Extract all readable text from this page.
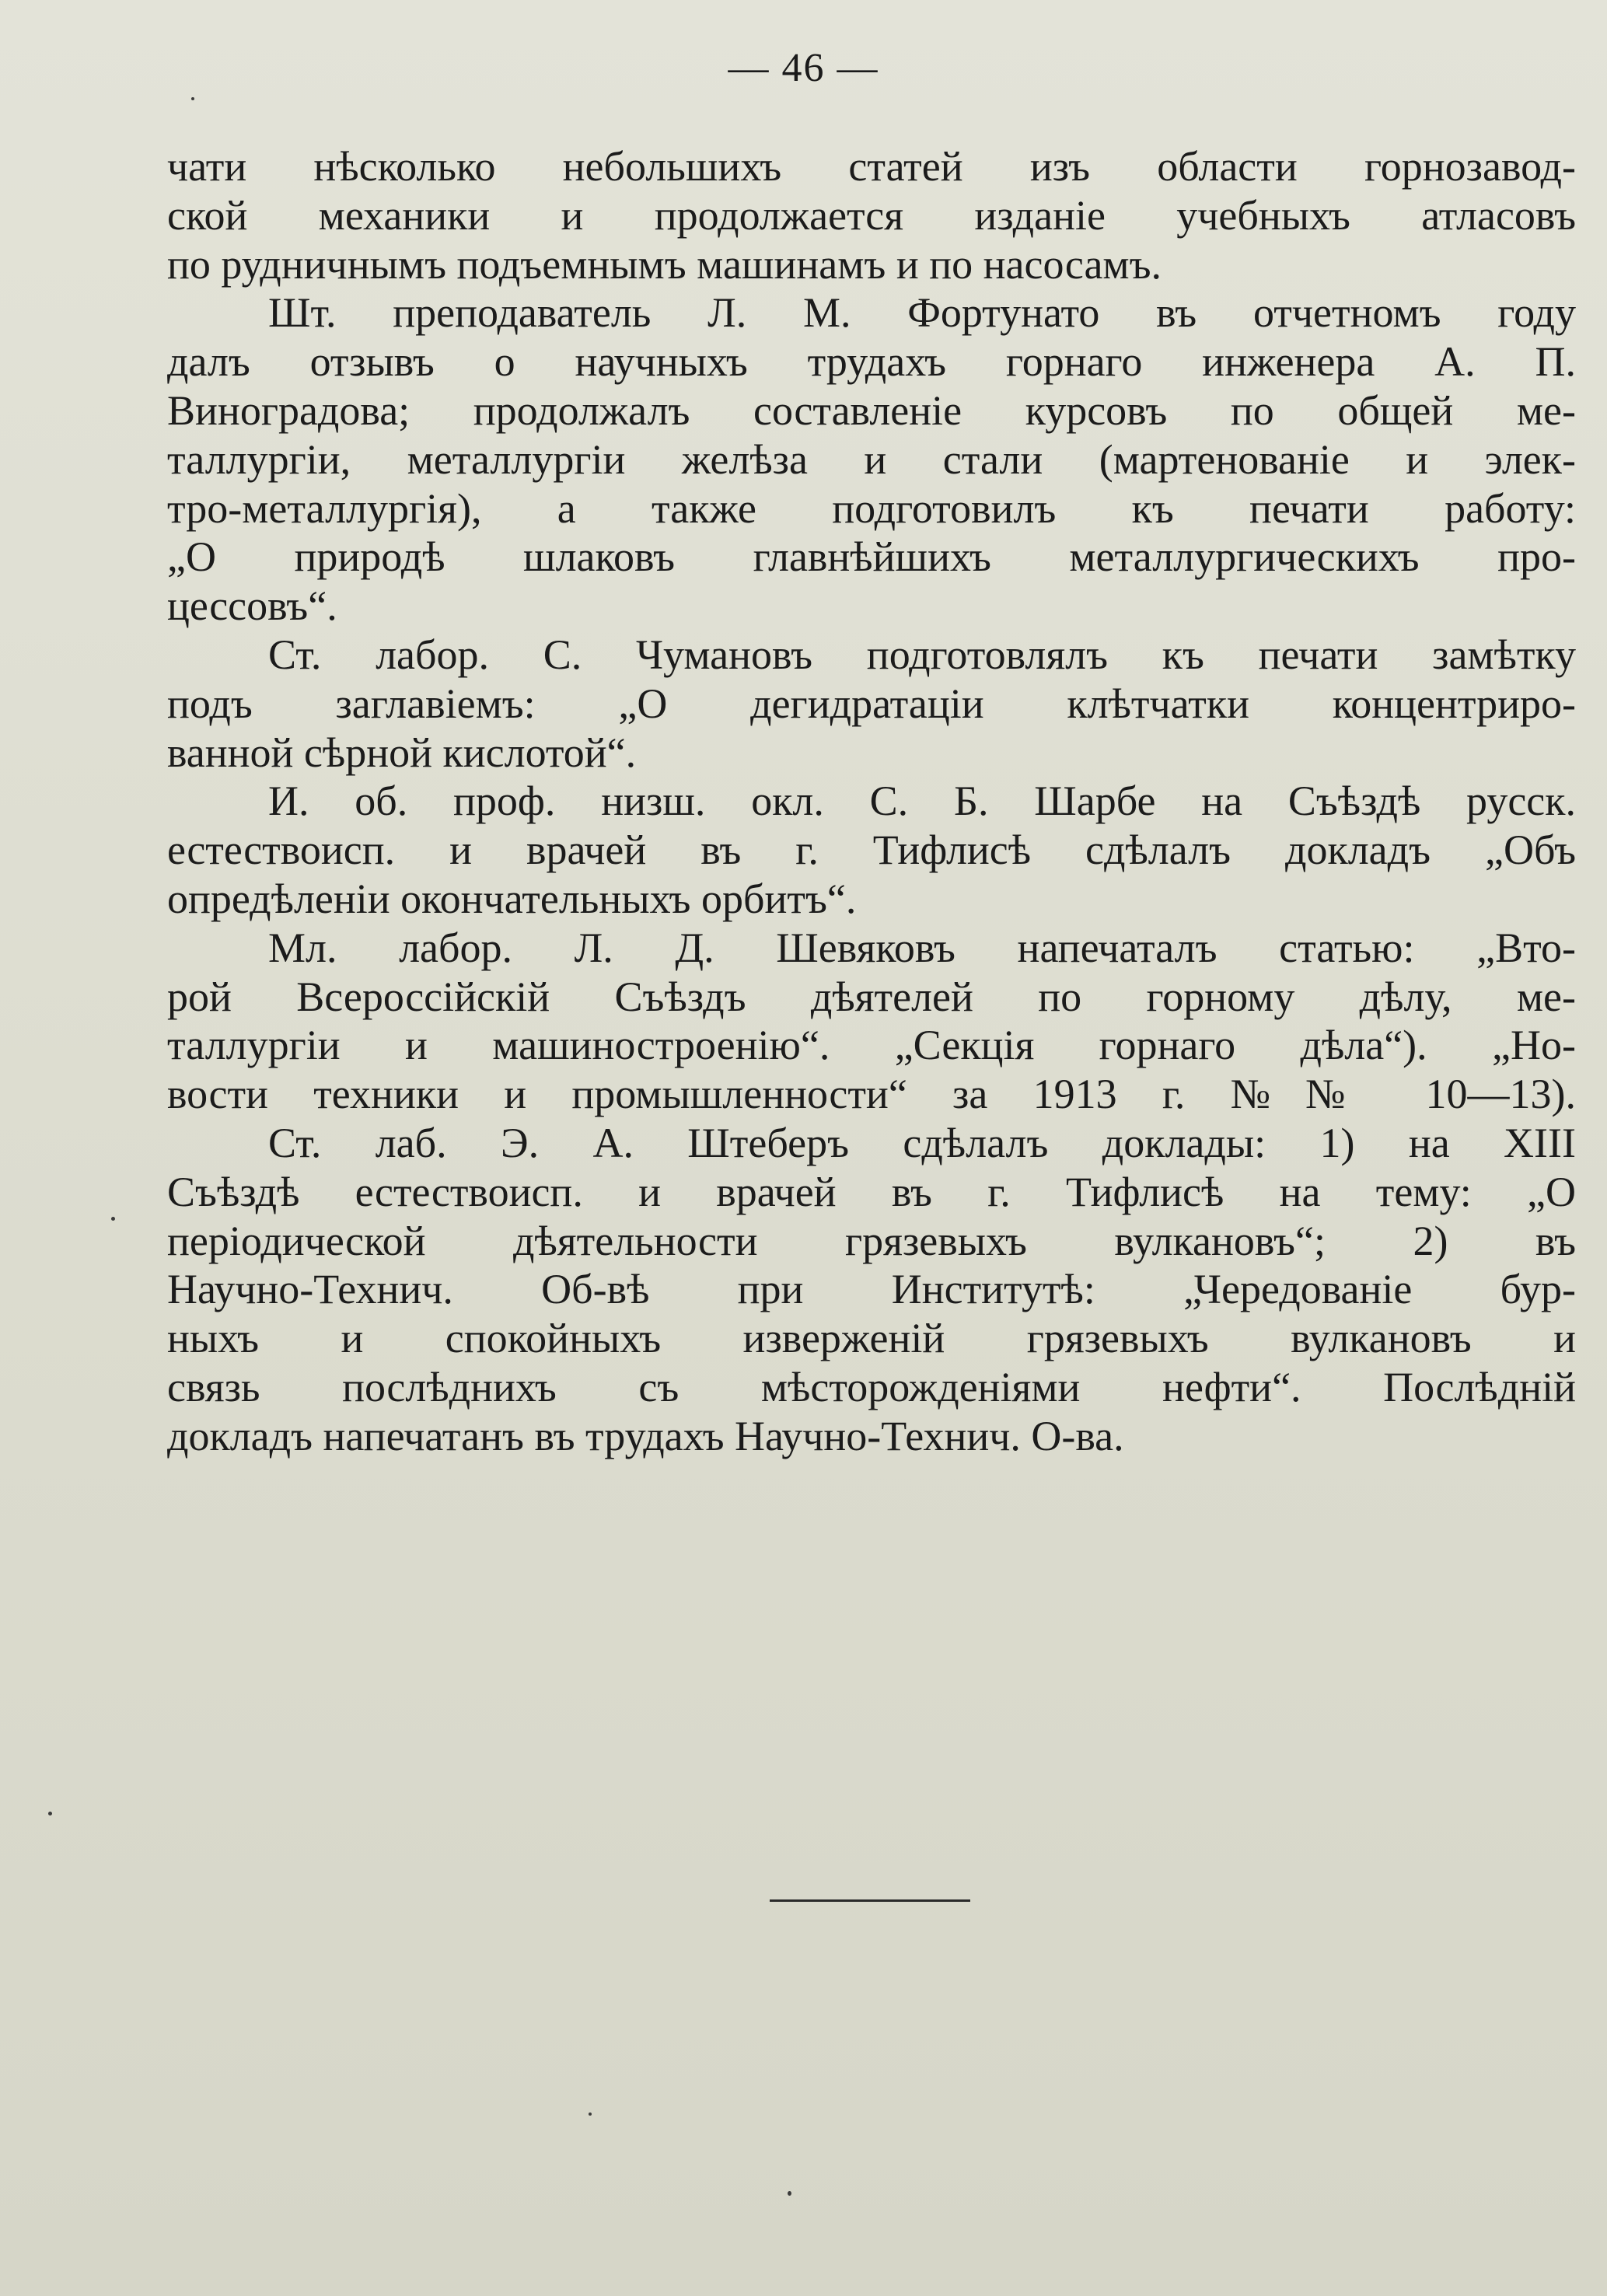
— 46 —
чати нѣсколько небольшихъ статей изъ области горнозавод-
ской механики и продолжается изданіе учебныхъ атласовъ
по рудничнымъ подъемнымъ машинамъ и по насосамъ.
Шт. преподаватель Л. М. Фортунато въ отчетномъ году
далъ отзывъ о научныхъ трудахъ горнаго инженера А. П.
Виноградова; продолжалъ составленіе курсовъ по общей ме-
таллургіи, металлургіи желѣза и стали (мартенованіе и элек-
тро-металлургія), а также подготовилъ къ печати работу:
„О природѣ шлаковъ главнѣйшихъ металлургическихъ про-
цессовъ“.
Ст. лабор. С. Чумановъ подготовлялъ къ печати замѣтку
подъ заглавіемъ: „О дегидратаціи клѣтчатки концентриро-
ванной сѣрной кислотой“.
И. об. проф. низш. окл. С. Б. Шарбе на Съѣздѣ русск.
естествоисп. и врачей въ г. Тифлисѣ сдѣлалъ докладъ „Объ
опредѣленіи окончательныхъ орбитъ“.
Мл. лабор. Л. Д. Шевяковъ напечаталъ статью: „Вто-
рой Всероссійскій Съѣздъ дѣятелей по горному дѣлу, ме-
таллургіи и машиностроенію“. „Секція горнаго дѣла“). „Но-
вости техники и промышленности“ за 1913 г. №№ 10—13).
Ст. лаб. Э. А. Штеберъ сдѣлалъ доклады: 1) на XIII
Съѣздѣ естествоисп. и врачей въ г. Тифлисѣ на тему: „О
періодической дѣятельности грязевыхъ вулкановъ“; 2) въ
Научно-Технич. Об-вѣ при Институтѣ: „Чередованіе бур-
ныхъ и спокойныхъ изверженій грязевыхъ вулкановъ и
связь послѣднихъ съ мѣсторожденіями нефти“. Послѣдній
докладъ напечатанъ въ трудахъ Научно-Технич. О-ва.
